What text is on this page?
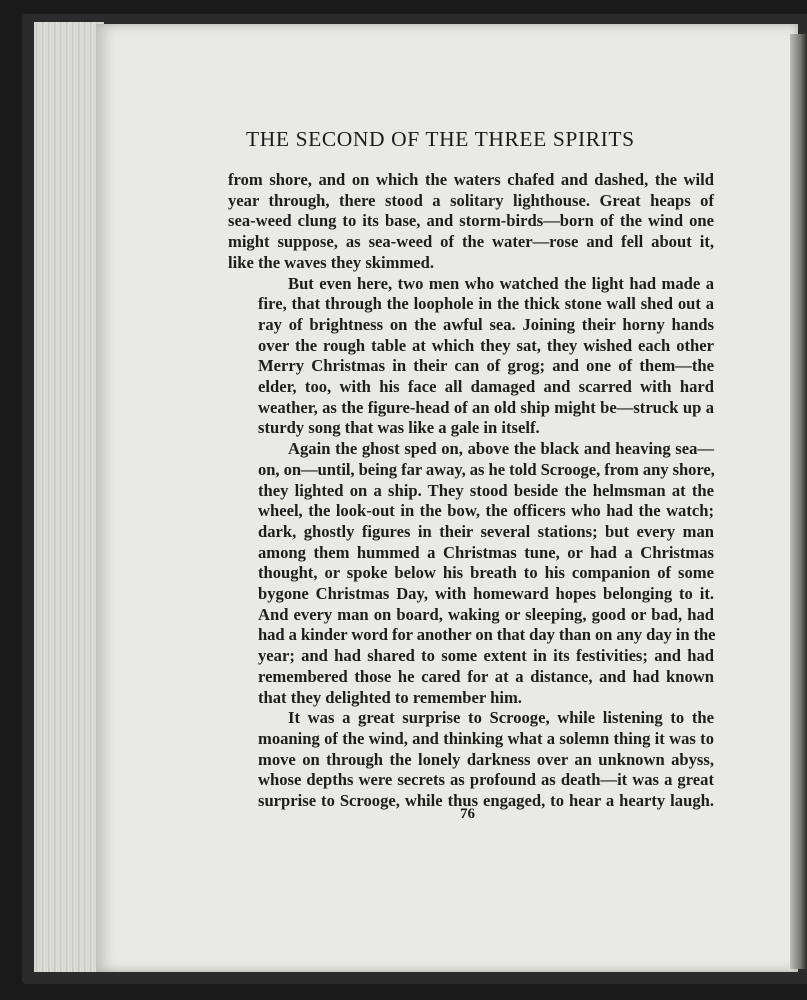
THE SECOND OF THE THREE SPIRITS

from shore, and on which the waters chafed and dashed, the wild
year through, there stood a solitary lighthouse. Great heaps of
sea-weed clung to its base, and storm-birds—born of the wind one
might suppose, as sea-weed of the water—rose and fell about it,
like the waves they skimmed.

But even here, two men who watched the light had made a
fire, that through the loophole in the thick stone wall shed out a
ray of brightness on the awful sea. Joining their horny hands
over the rough table at which they sat, they wished each other
Merry Christmas in their can of grog; and one of them—the
elder, too, with his face all damaged and scarred with hard
weather, as the figure-head of an old ship might be—struck up a
sturdy song that was like a gale in itself.

Again the ghost sped on, above the black and heaving sea—
on, on—until, being far away, as he told Scrooge, from any shore,
they lighted on a ship. They stood beside the helmsman at the
wheel, the look-out in the bow, the officers who had the watch;
dark, ghostly figures in their several stations; but every man
among them hummed a Christmas tune, or had a Christmas
thought, or spoke below his breath to his companion of some
bygone Christmas Day, with homeward hopes belonging to it.
And every man on board, waking or sleeping, good or bad, had
had a kinder word for another on that day than on any day in the
year; and had shared to some extent in its festivities; and had
remembered those he cared for at a distance, and had known
that they delighted to remember him.

It was a great surprise to Scrooge, while listening to the
moaning of the wind, and thinking what a solemn thing it was to
move on through the lonely darkness over an unknown abyss,
whose depths were secrets as profound as death—it was a great
surprise to Scrooge, while thus engaged, to hear a hearty laugh.

76
